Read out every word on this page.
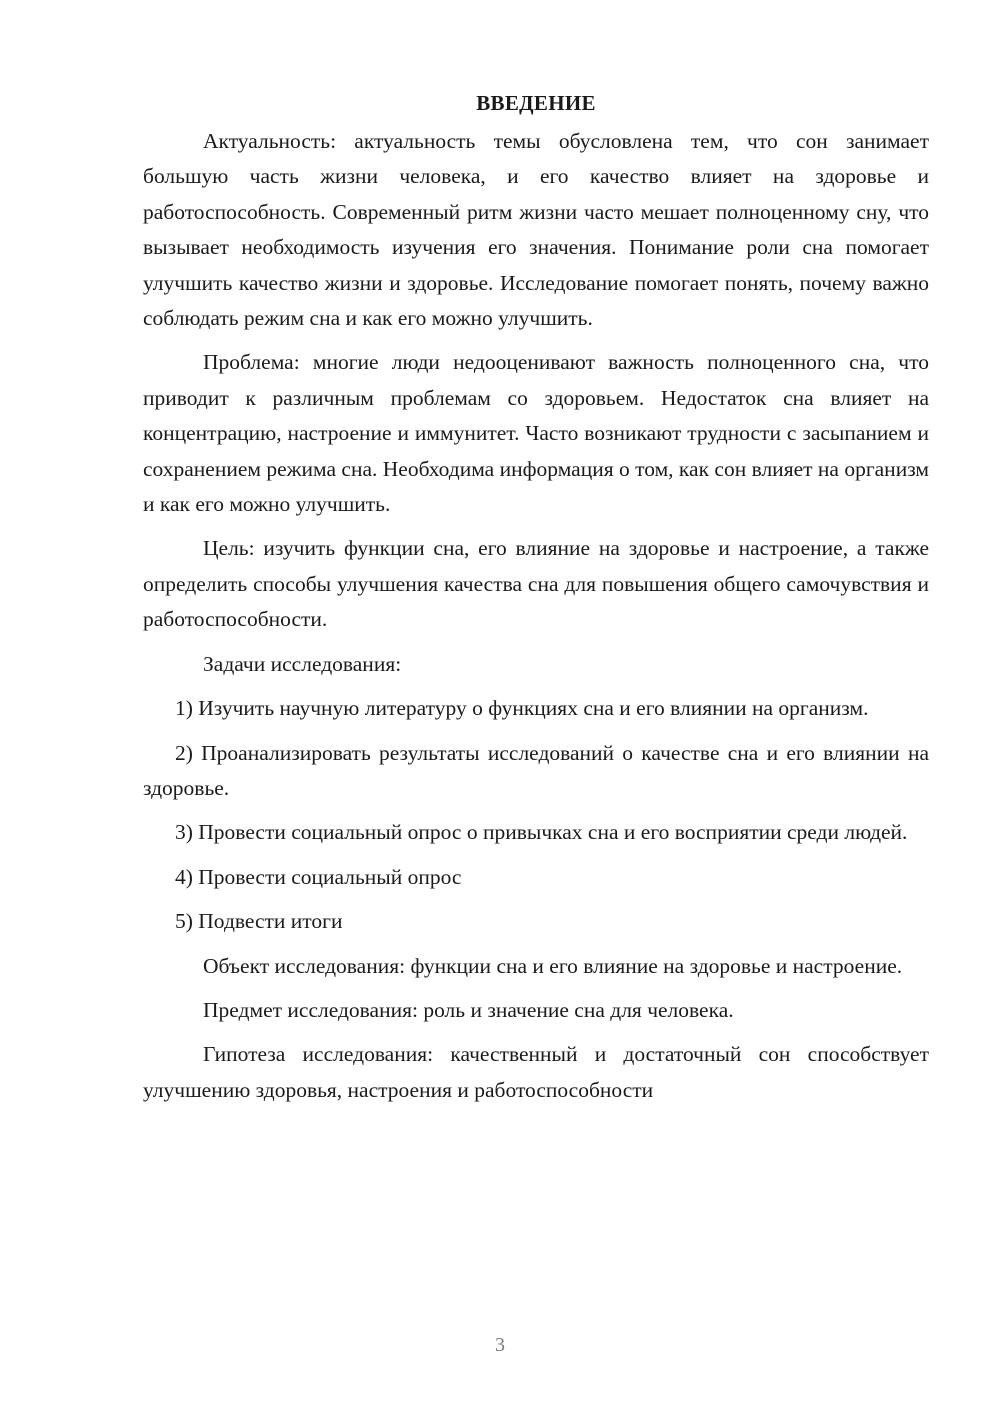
ВВЕДЕНИЕ

Актуальность: актуальность темы обусловлена тем, что сон занимает большую часть жизни человека, и его качество влияет на здоровье и работоспособность. Современный ритм жизни часто мешает полноценному сну, что вызывает необходимость изучения его значения. Понимание роли сна помогает улучшить качество жизни и здоровье. Исследование помогает понять, почему важно соблюдать режим сна и как его можно улучшить.

Проблема: многие люди недооценивают важность полноценного сна, что приводит к различным проблемам со здоровьем. Недостаток сна влияет на концентрацию, настроение и иммунитет. Часто возникают трудности с засыпанием и сохранением режима сна. Необходима информация о том, как сон влияет на организм и как его можно улучшить.

Цель: изучить функции сна, его влияние на здоровье и настроение, а также определить способы улучшения качества сна для повышения общего самочувствия и работоспособности.

Задачи исследования:

1) Изучить научную литературу о функциях сна и его влиянии на организм.

2) Проанализировать результаты исследований о качестве сна и его влиянии на здоровье.

3) Провести социальный опрос о привычках сна и его восприятии среди людей.

4) Провести социальный опрос

5) Подвести итоги

Объект исследования: функции сна и его влияние на здоровье и настроение.

Предмет исследования: роль и значение сна для человека.

Гипотеза исследования: качественный и достаточный сон способствует улучшению здоровья, настроения и работоспособности

3
